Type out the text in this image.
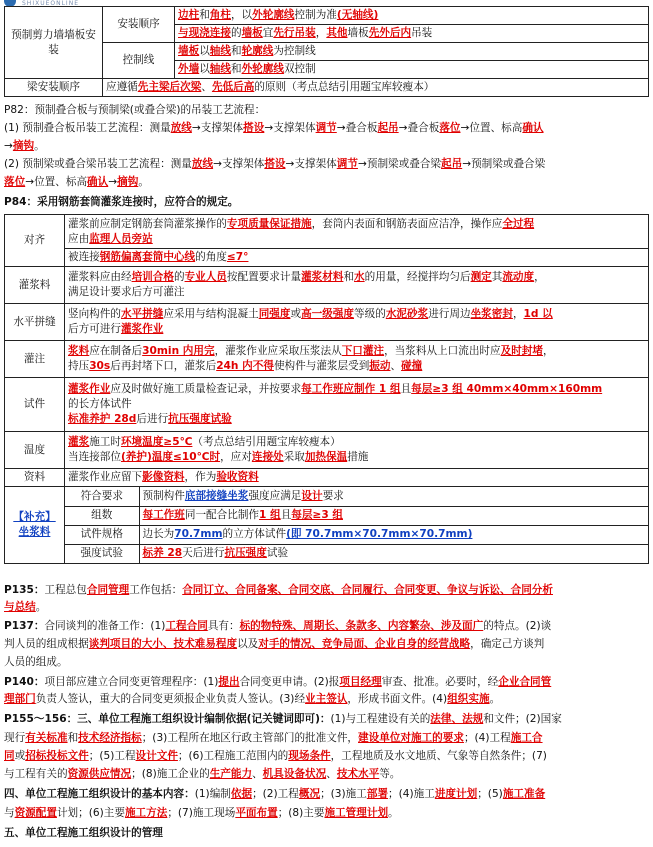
SHIXUEONLINE
预制剪力墙墙板安装	安装顺序	边柱和角柱，以外轮廓线控制为准(无轴线)
		与现浇连接的墙板宜先行吊装，其他墙板先外后内吊装
	控制线	墙板以轴线和轮廓线为控制线
		外墙以轴线和外轮廓线双控制
梁安装顺序	应遵循先主梁后次梁、先低后高的原则（考点总结引用题宝库较瘦本）	
P82：预制叠合板与预制梁(或叠合梁)的吊装工艺流程：
(1) 预制叠合板吊装工艺流程：测量放线→支撑架体搭设→支撑架体调节→叠合板起吊→叠合板落位→位置、标高确认
→摘钩。
(2) 预制梁或叠合梁吊装工艺流程：测量放线→支撑架体搭设→支撑架体调节→预制梁或叠合梁起吊→预制梁或叠合梁
落位→位置、标高确认→摘钩。
P84：采用钢筋套筒灌浆连接时，应符合的规定。
对齐	
灌浆前应制定钢筋套筒灌浆操作的专项质量保证措施，套筒内表面和钢筋表面应洁净，操作应全过程
应由监理人员旁站
被连接钢筋偏离套筒中心线的角度≤7°

灌浆料	
灌浆料应由经培训合格的专业人员按配置要求计量灌浆材料和水的用量，经搅拌均匀后测定其流动度，
满足设计要求后方可灌注

水平拼缝	
竖向构件的水平拼缝应采用与结构混凝土同强度或高一级强度等级的水泥砂浆进行周边坐浆密封，1d 以
后方可进行灌浆作业

灌注	
浆料应在制备后30min 内用完，灌浆作业应采取压浆法从下口灌注，当浆料从上口流出时应及时封堵，
持压30s后再封堵下口，灌浆后24h 内不得使构件与灌浆层受到振动、碰撞

试件	
灌浆作业应及时做好施工质量检查记录，并按要求每工作班应制作 1 组且每层≥3 组 40mm×40mm×160mm
的长方体试件
标准养护 28d后进行抗压强度试验

温度	
灌浆施工时环境温度≥5℃（考点总结引用题宝库较瘦本）
当连接部位(养护)温度≤10℃时，应对连接处采取加热保温措施

资料	灌浆作业应留下影像资料，作为验收资料

【补充】
坐浆料

符合要求	预制构件底部接缝坐浆强度应满足设计要求
组数	每工作班同一配合比制作1 组且每层≥3 组
试件规格	边长为70.7mm的立方体试件(即 70.7mm×70.7mm×70.7mm)
强度试验	标养 28天后进行抗压强度试验
P135：工程总包合同管理工作包括：合同订立、合同备案、合同交底、合同履行、合同变更、争议与诉讼、合同分析
与总结。
P137：合同谈判的准备工作：(1)工程合同具有：标的物特殊、周期长、条款多、内容繁杂、涉及面广的特点。(2)谈
判人员的组成根据谈判项目的大小、技术难易程度以及对手的情况、竞争局面、企业自身的经营战略，确定己方谈判
人员的组成。
P140：项目部应建立合同变更管理程序：(1)提出合同变更申请。(2)报项目经理审查、批准。必要时，经企业合同管
理部门负责人签认，重大的合同变更须报企业负责人签认。(3)经业主签认，形成书面文件。(4)组织实施。
P155～156：三、单位工程施工组织设计编制依据(记关键词即可)：(1)与工程建设有关的法律、法规和文件；(2)国家
现行有关标准和技术经济指标；(3)工程所在地区行政主管部门的批准文件，建设单位对施工的要求；(4)工程施工合
同或招标投标文件；(5)工程设计文件；(6)工程施工范围内的现场条件，工程地质及水文地质、气象等自然条件；(7)
与工程有关的资源供应情况；(8)施工企业的生产能力、机具设备状况、技术水平等。
四、单位工程施工组织设计的基本内容：(1)编制依据；(2)工程概况；(3)施工部署；(4)施工进度计划；(5)施工准备
与资源配置计划；(6)主要施工方法；(7)施工现场平面布置；(8)主要施工管理计划。
五、单位工程施工组织设计的管理
